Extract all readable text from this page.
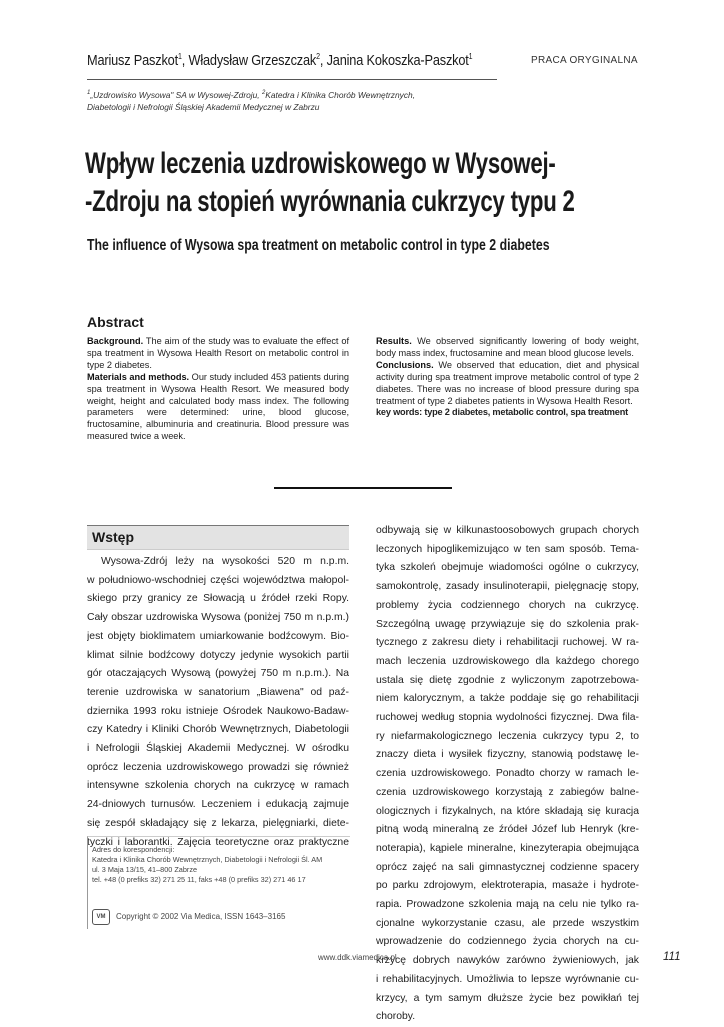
Mariusz Paszkot$^1$, Władysław Grzeszczak$^2$, Janina Kokoszka-Paszkot$^1$	PRACA ORYGINALNA
$^1$„Uzdrowisko Wysowa" SA w Wysowej-Zdroju, $^2$Katedra i Klinika Chorób Wewnętrznych,
Diabetologii i Nefrologii Śląskiej Akademii Medycznej w Zabrzu
Wpływ leczenia uzdrowiskowego w Wysowej-
-Zdroju na stopień wyrównania cukrzycy typu 2
The influence of Wysowa spa treatment on metabolic control in type 2 diabetes
Abstract
Background. The aim of the study was to evaluate the effect of spa treatment in Wysowa Health Resort on metabolic control in type 2 diabetes.
Materials and methods. Our study included 453 patients during spa treatment in Wysowa Health Resort. We measured body weight, height and calculated body mass index. The following parameters were determined: urine, blood glucose, fructosamine, albuminuria and creatinuria. Blood pressure was measured twice a week.
Results. We observed significantly lowering of body weight, body mass index, fructosamine and mean blood glucose levels.
Conclusions. We observed that education, diet and physical activity during spa treatment improve metabolic control of type 2 diabetes. There was no increase of blood pressure during spa treatment of type 2 diabetes patients in Wysowa Health Resort.
key words: type 2 diabetes, metabolic control, spa treatment
Wstęp
Wysowa-Zdrój leży na wysokości 520 m n.p.m.
w południowo-wschodniej części województwa małopol-
skiego przy granicy ze Słowacją u źródeł rzeki Ropy.
Cały obszar uzdrowiska Wysowa (poniżej 750 m n.p.m.)
jest objęty bioklimatem umiarkowanie bodźcowym. Bio-
klimat silnie bodźcowy dotyczy jedynie wysokich partii
gór otaczających Wysową (powyżej 750 m n.p.m.). Na
terenie uzdrowiska w sanatorium „Biawena" od paź-
dziernika 1993 roku istnieje Ośrodek Naukowo-Badaw-
czy Katedry i Kliniki Chorób Wewnętrznych, Diabetologii
i Nefrologii Śląskiej Akademii Medycznej. W ośrodku
oprócz leczenia uzdrowiskowego prowadzi się również
intensywne szkolenia chorych na cukrzycę w ramach
24-dniowych turnusów. Leczeniem i edukacją zajmuje
się zespół składający się z lekarza, pielęgniarki, diete-
tyczki i laborantki. Zajęcia teoretyczne oraz praktyczne
odbywają się w kilkunastoosobowych grupach chorych
leczonych hipoglikemizująco w ten sam sposób. Tema-
tyka szkoleń obejmuje wiadomości ogólne o cukrzycy,
samokontrolę, zasady insulinoterapii, pielęgnację stopy,
problemy życia codziennego chorych na cukrzycę.
Szczególną uwagę przywiązuje się do szkolenia prak-
tycznego z zakresu diety i rehabilitacji ruchowej. W ra-
mach leczenia uzdrowiskowego dla każdego chorego
ustala się dietę zgodnie z wyliczonym zapotrzebowa-
niem kalorycznym, a także poddaje się go rehabilitacji
ruchowej według stopnia wydolności fizycznej. Dwa fila-
ry niefarmakologicznego leczenia cukrzycy typu 2, to
znaczy dieta i wysiłek fizyczny, stanowią podstawę le-
czenia uzdrowiskowego. Ponadto chorzy w ramach le-
czenia uzdrowiskowego korzystają z zabiegów balne-
ologicznych i fizykalnych, na które składają się kuracja
pitną wodą mineralną ze źródeł Józef lub Henryk (kre-
noterapia), kąpiele mineralne, kinezyterapia obejmująca
oprócz zajęć na sali gimnastycznej codzienne spacery
po parku zdrojowym, elektroterapia, masaże i hydrote-
rapia. Prowadzone szkolenia mają na celu nie tylko ra-
cjonalne wykorzystanie czasu, ale przede wszystkim
wprowadzenie do codziennego życia chorych na cu-
krzycę dobrych nawyków zarówno żywieniowych, jak
i rehabilitacyjnych. Umożliwia to lepsze wyrównanie cu-
krzycy, a tym samym dłuższe życie bez powikłań tej
choroby.
Adres do korespondencji:
Katedra i Klinika Chorób Wewnętrznych, Diabetologii i Nefrologii Śl. AM
ul. 3 Maja 13/15, 41–800 Zabrze
tel. +48 (0 prefiks 32) 271 25 11, faks +48 (0 prefiks 32) 271 46 17
VM Copyright © 2002 Via Medica, ISSN 1643–3165
www.ddk.viamedica.pl	111
